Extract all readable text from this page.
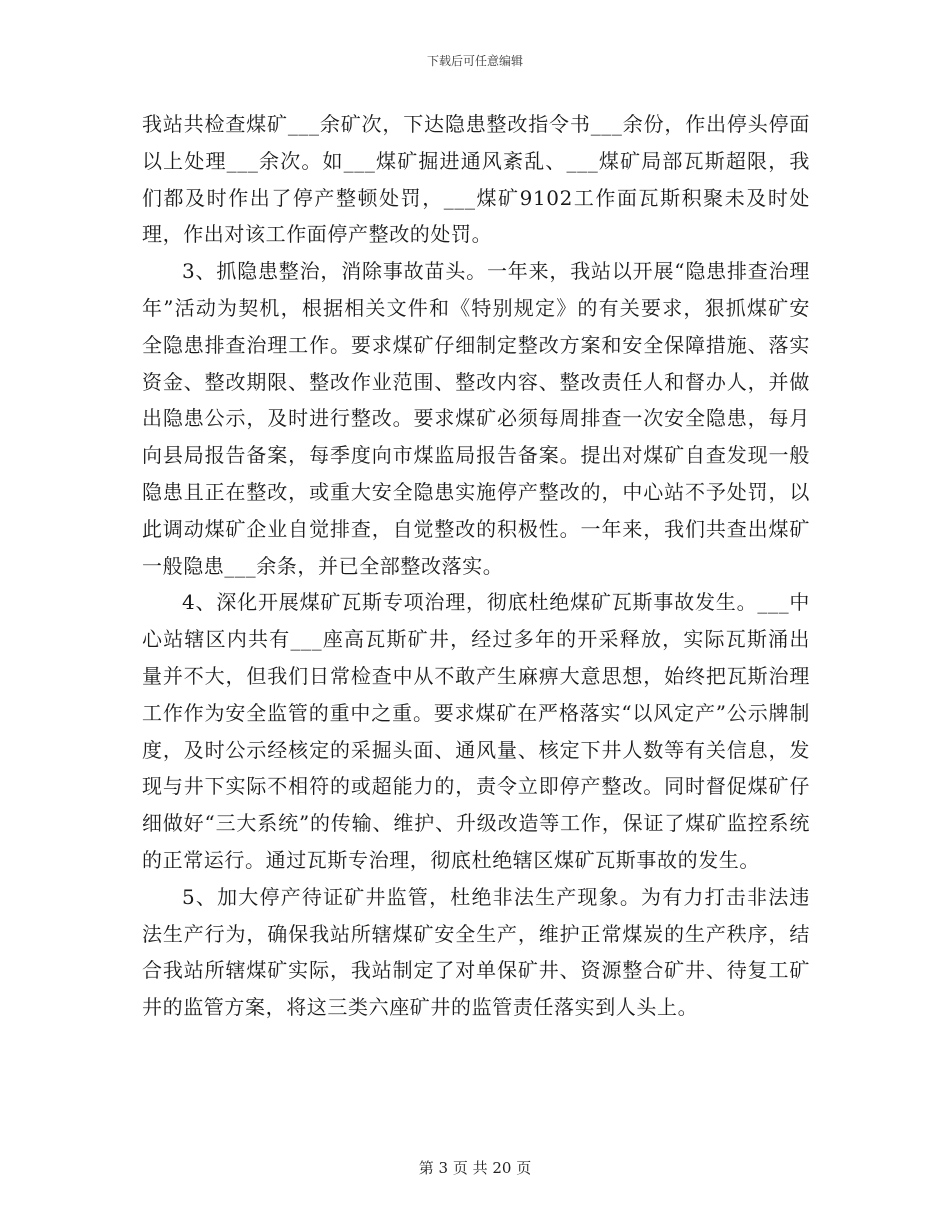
下载后可任意编辑

我站共检查煤矿___余矿次，下达隐患整改指令书___余份，作出停头停面以上处理___余次。如___煤矿掘进通风紊乱、___煤矿局部瓦斯超限，我们都及时作出了停产整顿处罚，___煤矿9102工作面瓦斯积聚未及时处理，作出对该工作面停产整改的处罚。

3、抓隐患整治，消除事故苗头。一年来，我站以开展“隐患排查治理年”活动为契机，根据相关文件和《特别规定》的有关要求，狠抓煤矿安全隐患排查治理工作。要求煤矿仔细制定整改方案和安全保障措施、落实资金、整改期限、整改作业范围、整改内容、整改责任人和督办人，并做出隐患公示，及时进行整改。要求煤矿必须每周排查一次安全隐患，每月向县局报告备案，每季度向市煤监局报告备案。提出对煤矿自查发现一般隐患且正在整改，或重大安全隐患实施停产整改的，中心站不予处罚，以此调动煤矿企业自觉排查，自觉整改的积极性。一年来，我们共查出煤矿一般隐患___余条，并已全部整改落实。

4、深化开展煤矿瓦斯专项治理，彻底杜绝煤矿瓦斯事故发生。___中心站辖区内共有___座高瓦斯矿井，经过多年的开采释放，实际瓦斯涌出量并不大，但我们日常检查中从不敢产生麻痹大意思想，始终把瓦斯治理工作作为安全监管的重中之重。要求煤矿在严格落实“以风定产”公示牌制度，及时公示经核定的采掘头面、通风量、核定下井人数等有关信息，发现与井下实际不相符的或超能力的，责令立即停产整改。同时督促煤矿仔细做好“三大系统”的传输、维护、升级改造等工作，保证了煤矿监控系统的正常运行。通过瓦斯专治理，彻底杜绝辖区煤矿瓦斯事故的发生。

5、加大停产待证矿井监管，杜绝非法生产现象。为有力打击非法违法生产行为，确保我站所辖煤矿安全生产，维护正常煤炭的生产秩序，结合我站所辖煤矿实际，我站制定了对单保矿井、资源整合矿井、待复工矿井的监管方案，将这三类六座矿井的监管责任落实到人头上。

第 3 页 共 20 页
